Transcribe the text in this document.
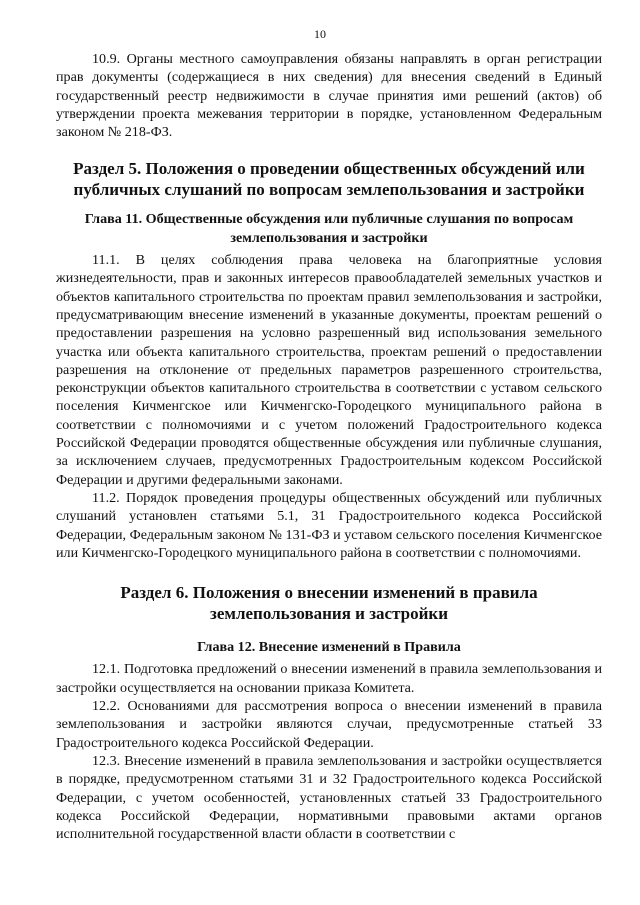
10

10.9. Органы местного самоуправления обязаны направлять в орган регистрации прав документы (содержащиеся в них сведения) для внесения сведений в Единый государственный реестр недвижимости в случае принятия ими решений (актов) об утверждении проекта межевания территории в порядке, установленном Федеральным законом № 218-ФЗ.

Раздел 5. Положения о проведении общественных обсуждений или публичных слушаний по вопросам землепользования и застройки
Глава 11. Общественные обсуждения или публичные слушания по вопросам землепользования и застройки

11.1. В целях соблюдения права человека на благоприятные условия жизнедеятельности, прав и законных интересов правообладателей земельных участков и объектов капитального строительства по проектам правил землепользования и застройки, предусматривающим внесение изменений в указанные документы, проектам решений о предоставлении разрешения на условно разрешенный вид использования земельного участка или объекта капитального строительства, проектам решений о предоставлении разрешения на отклонение от предельных параметров разрешенного строительства, реконструкции объектов капитального строительства в соответствии с уставом сельского поселения Кичменгское или Кичменгско-Городецкого муниципального района в соответствии с полномочиями и с учетом положений Градостроительного кодекса Российской Федерации проводятся общественные обсуждения или публичные слушания, за исключением случаев, предусмотренных Градостроительным кодексом Российской Федерации и другими федеральными законами.

11.2. Порядок проведения процедуры общественных обсуждений или публичных слушаний установлен статьями 5.1, 31 Градостроительного кодекса Российской Федерации, Федеральным законом № 131-ФЗ и уставом сельского поселения Кичменгское или Кичменгско-Городецкого муниципального района в соответствии с полномочиями.

Раздел 6. Положения о внесении изменений в правила землепользования и застройки
Глава 12. Внесение изменений в Правила

12.1. Подготовка предложений о внесении изменений в правила землепользования и застройки осуществляется на основании приказа Комитета.

12.2. Основаниями для рассмотрения вопроса о внесении изменений в правила землепользования и застройки являются случаи, предусмотренные статьей 33 Градостроительного кодекса Российской Федерации.

12.3. Внесение изменений в правила землепользования и застройки осуществляется в порядке, предусмотренном статьями 31 и 32 Градостроительного кодекса Российской Федерации, с учетом особенностей, установленных статьей 33 Градостроительного кодекса Российской Федерации, нормативными правовыми актами органов исполнительной государственной власти области в соответствии с
